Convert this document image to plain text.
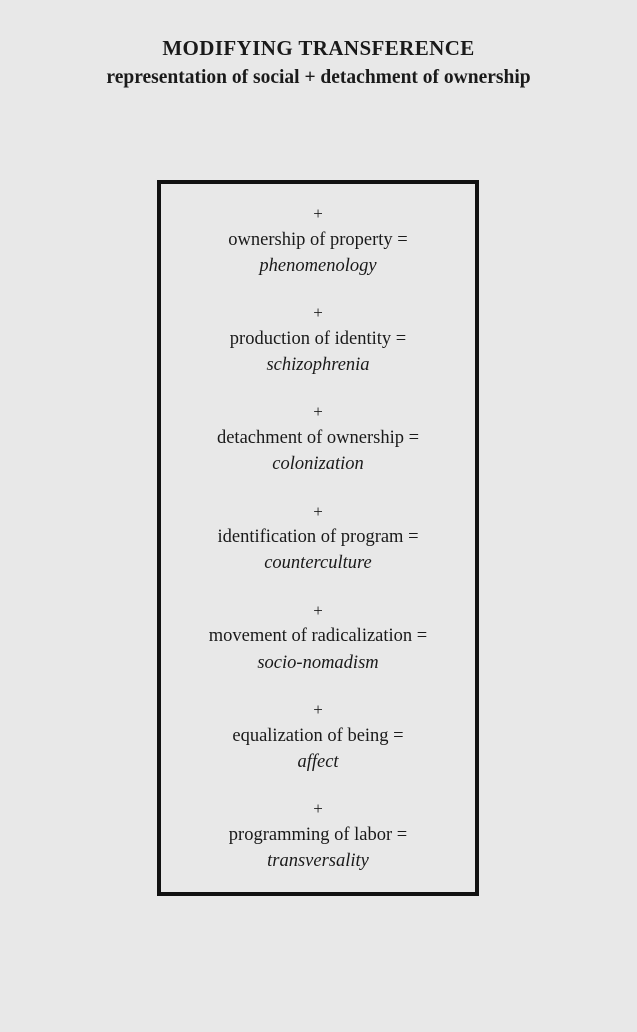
MODIFYING TRANSFERENCE
representation of social + detachment of ownership
+
ownership of property =
phenomenology
+
production of identity =
schizophrenia
+
detachment of ownership =
colonization
+
identification of program =
counterculture
+
movement of radicalization =
socio-nomadism
+
equalization of being =
affect
+
programming of labor =
transversality
